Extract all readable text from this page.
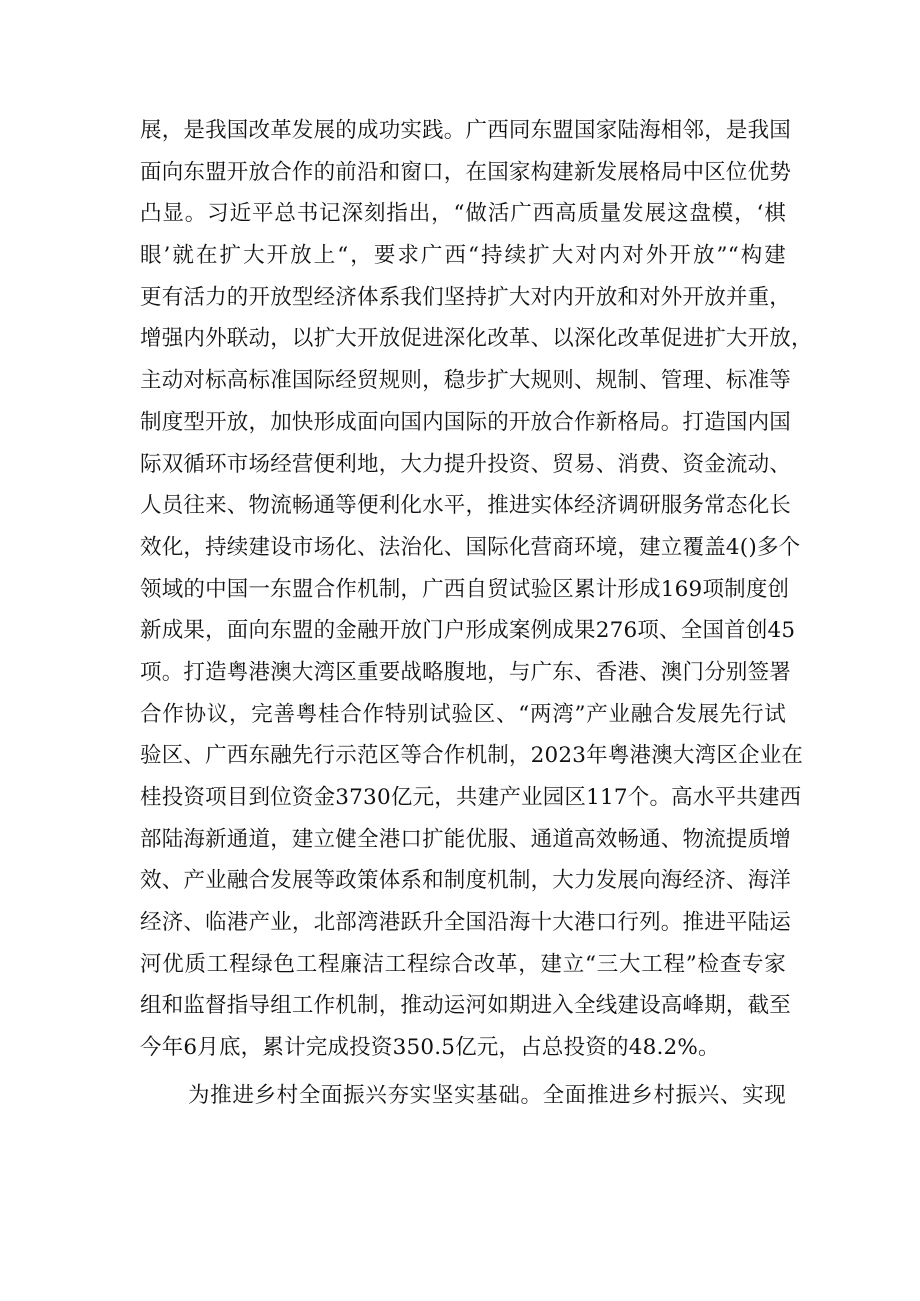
展，是我国改革发展的成功实践。广西同东盟国家陆海相邻，是我国
面向东盟开放合作的前沿和窗口，在国家构建新发展格局中区位优势
凸显。习近平总书记深刻指出，“做活广西高质量发展这盘模，‘棋
眼’就在扩大开放上“，要求广西“持续扩大对内对外开放”“构建
更有活力的开放型经济体系我们坚持扩大对内开放和对外开放并重，
增强内外联动，以扩大开放促进深化改革、以深化改革促进扩大开放，
主动对标高标准国际经贸规则，稳步扩大规则、规制、管理、标准等
制度型开放，加快形成面向国内国际的开放合作新格局。打造国内国
际双循环市场经营便利地，大力提升投资、贸易、消费、资金流动、
人员往来、物流畅通等便利化水平，推进实体经济调研服务常态化长
效化，持续建设市场化、法治化、国际化营商环境，建立覆盖4()多个
领域的中国一东盟合作机制，广西自贸试验区累计形成169项制度创
新成果，面向东盟的金融开放门户形成案例成果276项、全国首创45
项。打造粤港澳大湾区重要战略腹地，与广东、香港、澳门分别签署
合作协议，完善粤桂合作特别试验区、“两湾”产业融合发展先行试
验区、广西东融先行示范区等合作机制，2023年粤港澳大湾区企业在
桂投资项目到位资金3730亿元，共建产业园区117个。高水平共建西
部陆海新通道，建立健全港口扩能优服、通道高效畅通、物流提质增
效、产业融合发展等政策体系和制度机制，大力发展向海经济、海洋
经济、临港产业，北部湾港跃升全国沿海十大港口行列。推进平陆运
河优质工程绿色工程廉洁工程综合改革，建立“三大工程”检查专家
组和监督指导组工作机制，推动运河如期进入全线建设高峰期，截至
今年6月底，累计完成投资350.5亿元，占总投资的48.2%。
为推进乡村全面振兴夯实坚实基础。全面推进乡村振兴、实现
